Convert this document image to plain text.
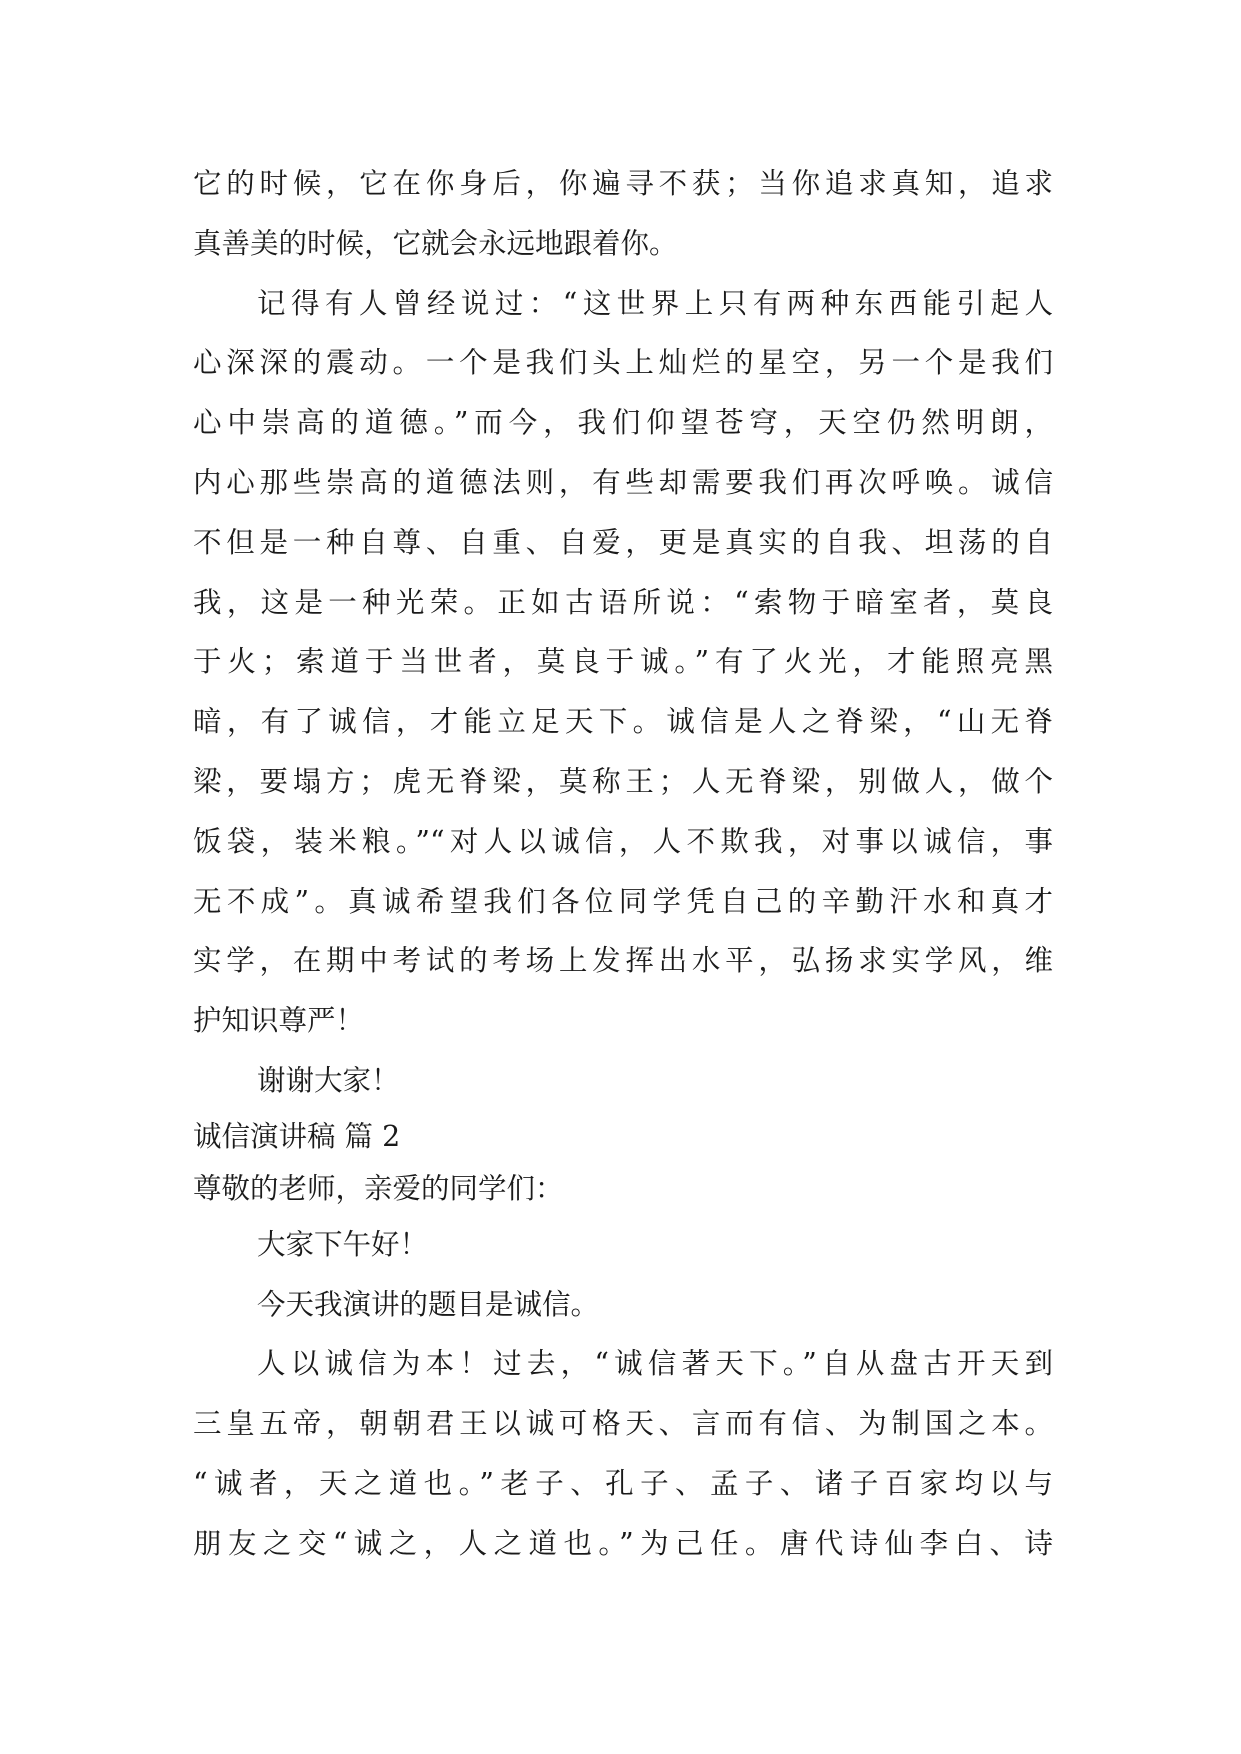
它的时候，它在你身后，你遍寻不获；当你追求真知，追求
真善美的时候，它就会永远地跟着你。
记得有人曾经说过：“这世界上只有两种东西能引起人
心深深的震动。一个是我们头上灿烂的星空，另一个是我们
心中崇高的道德。”而今，我们仰望苍穹，天空仍然明朗，
内心那些崇高的道德法则，有些却需要我们再次呼唤。诚信
不但是一种自尊、自重、自爱，更是真实的自我、坦荡的自
我，这是一种光荣。正如古语所说：“索物于暗室者，莫良
于火；索道于当世者，莫良于诚。”有了火光，才能照亮黑
暗，有了诚信，才能立足天下。诚信是人之脊梁，“山无脊
梁，要塌方；虎无脊梁，莫称王；人无脊梁，别做人，做个
饭袋，装米粮。”“对人以诚信，人不欺我，对事以诚信，事
无不成”。真诚希望我们各位同学凭自己的辛勤汗水和真才
实学，在期中考试的考场上发挥出水平，弘扬求实学风，维
护知识尊严！
谢谢大家！
诚信演讲稿 篇 2
尊敬的老师，亲爱的同学们：
大家下午好！
今天我演讲的题目是诚信。
人以诚信为本！过去，“诚信著天下。”自从盘古开天到
三皇五帝，朝朝君王以诚可格天、言而有信、为制国之本。
“诚者，天之道也。”老子、孔子、孟子、诸子百家均以与
朋友之交“诚之，人之道也。”为己任。唐代诗仙李白、诗
